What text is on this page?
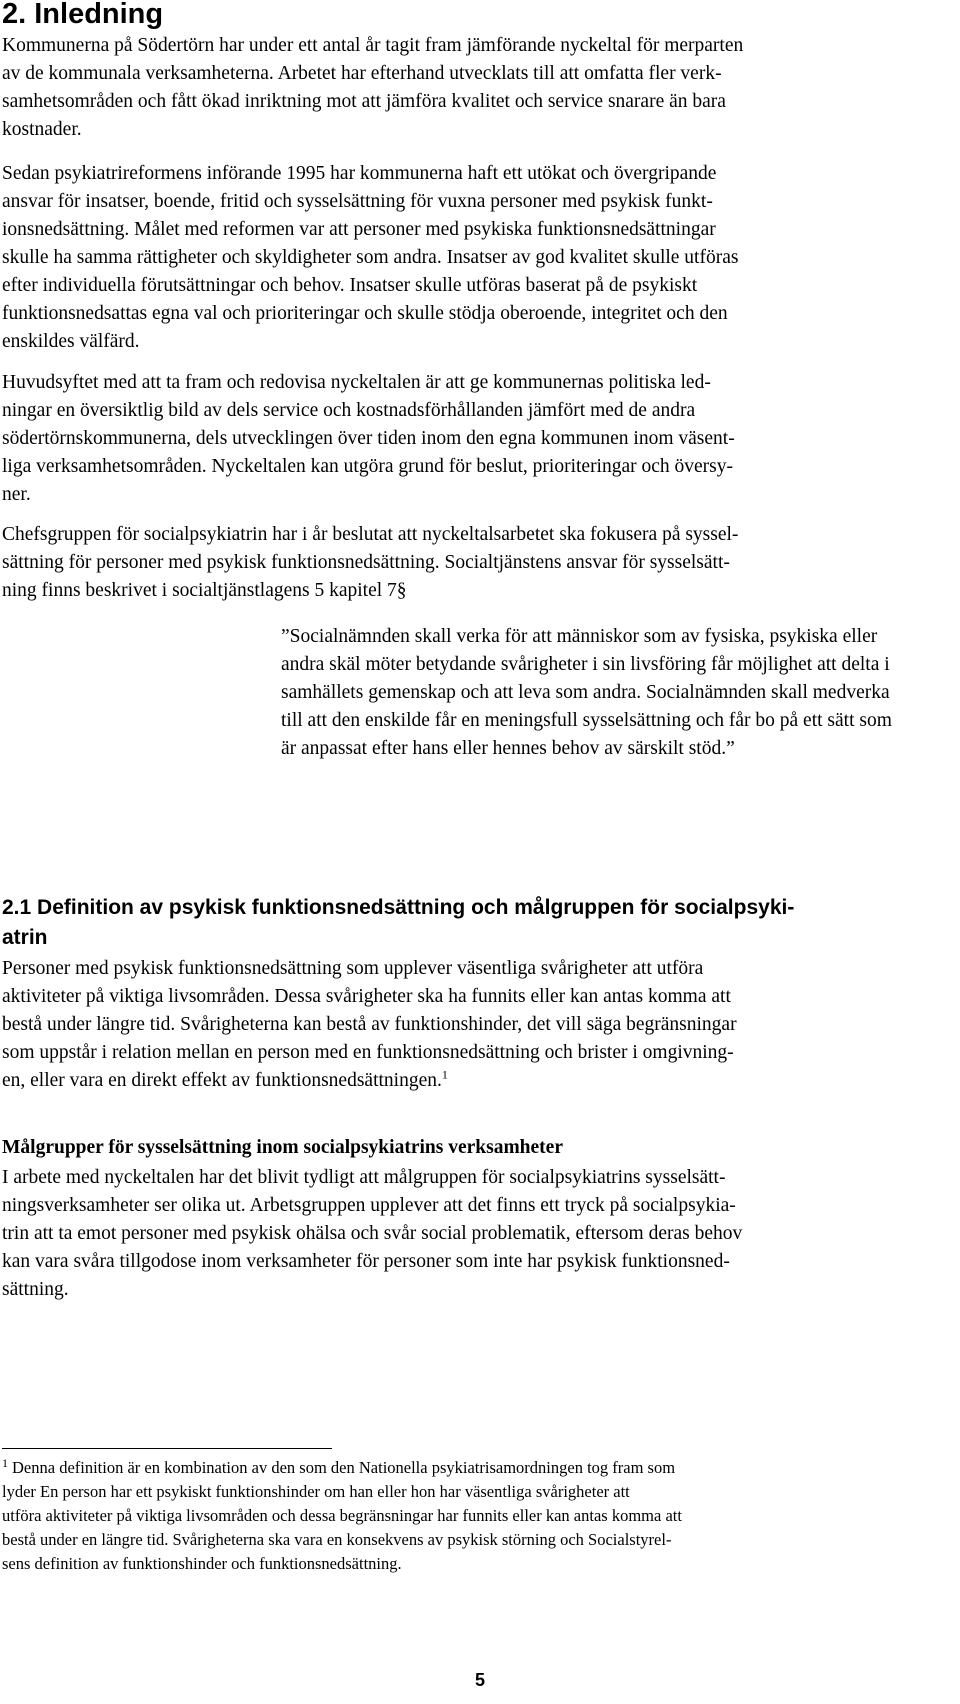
2. Inledning
Kommunerna på Södertörn har under ett antal år tagit fram jämförande nyckeltal för merparten
av de kommunala verksamheterna. Arbetet har efterhand utvecklats till att omfatta fler verk-
samhetsområden och fått ökad inriktning mot att jämföra kvalitet och service snarare än bara
kostnader.
Sedan psykiatrireformens införande 1995 har kommunerna haft ett utökat och övergripande
ansvar för insatser, boende, fritid och sysselsättning för vuxna personer med psykisk funkt-
ionsnedsättning. Målet med reformen var att personer med psykiska funktionsnedsättningar
skulle ha samma rättigheter och skyldigheter som andra. Insatser av god kvalitet skulle utföras
efter individuella förutsättningar och behov. Insatser skulle utföras baserat på de psykiskt
funktionsnedsattas egna val och prioriteringar och skulle stödja oberoende, integritet och den
enskildes välfärd.
Huvudsyftet med att ta fram och redovisa nyckeltalen är att ge kommunernas politiska led-
ningar en översiktlig bild av dels service och kostnadsförhållanden jämfört med de andra
södertörnskommunerna, dels utvecklingen över tiden inom den egna kommunen inom väsent-
liga verksamhetsområden. Nyckeltalen kan utgöra grund för beslut, prioriteringar och översy-
ner.
Chefsgruppen för socialpsykiatrin har i år beslutat att nyckeltalsarbetet ska fokusera på syssel-
sättning för personer med psykisk funktionsnedsättning. Socialtjänstens ansvar för sysselsätt-
ning finns beskrivet i socialtjänstlagens 5 kapitel 7§
”Socialnämnden skall verka för att människor som av fysiska, psykiska eller
andra skäl möter betydande svårigheter i sin livsföring får möjlighet att delta i
samhällets gemenskap och att leva som andra. Socialnämnden skall medverka
till att den enskilde får en meningsfull sysselsättning och får bo på ett sätt som
är anpassat efter hans eller hennes behov av särskilt stöd.”
2.1 Definition av psykisk funktionsnedsättning och målgruppen för socialpsyki-
atrin
Personer med psykisk funktionsnedsättning som upplever väsentliga svårigheter att utföra
aktiviteter på viktiga livsområden. Dessa svårigheter ska ha funnits eller kan antas komma att
bestå under längre tid. Svårigheterna kan bestå av funktionshinder, det vill säga begränsningar
som uppstår i relation mellan en person med en funktionsnedsättning och brister i omgivning-
en, eller vara en direkt effekt av funktionsnedsättningen.$^1$
Målgrupper för sysselsättning inom socialpsykiatrins verksamheter
I arbete med nyckeltalen har det blivit tydligt att målgruppen för socialpsykiatrins sysselsätt-
ningsverksamheter ser olika ut. Arbetsgruppen upplever att det finns ett tryck på socialpsykia-
trin att ta emot personer med psykisk ohälsa och svår social problematik, eftersom deras behov
kan vara svåra tillgodose inom verksamheter för personer som inte har psykisk funktionsned-
sättning.
$^1$ Denna definition är en kombination av den som den Nationella psykiatrisamordningen tog fram som
lyder En person har ett psykiskt funktionshinder om han eller hon har väsentliga svårigheter att
utföra aktiviteter på viktiga livsområden och dessa begränsningar har funnits eller kan antas komma att
bestå under en längre tid. Svårigheterna ska vara en konsekvens av psykisk störning och Socialstyrel-
sens definition av funktionshinder och funktionsnedsättning.
5
